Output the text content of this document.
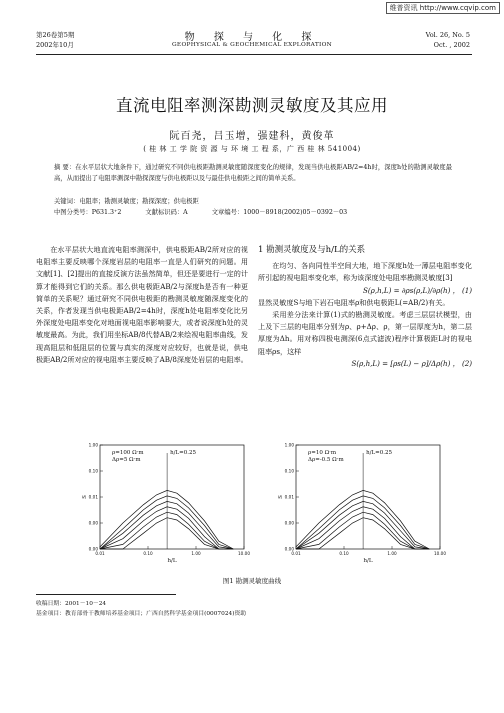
维普资讯 http://www.cqvip.com
第26卷第5期
2002年10月
物 探 与 化 探
GEOPHYSICAL & GEOCHEMICAL EXPLORATION
Vol. 26, No. 5
Oct. , 2002
直流电阻率测深勘测灵敏度及其应用
阮百尧，吕玉增，强建科，黄俊革
( 桂 林 工 学 院 资 源 与 环 境 工 程 系，广 西 桂 林 541004)
摘 要：在水平层状大地条件下，通过研究不同供电极距勘测灵敏度随深度变化的规律，发现当供电极距AB/2=4h时，深度h处的勘测灵敏度最高，从而提出了电阻率测深中勘探深度与供电极距以及与最佳供电极距之间的简单关系。
关键词：电阻率；勘测灵敏度；勘探深度；供电极距
中图分类号：P631.3⁺2	文献标识码：A	文章编号：1000－8918(2002)05－0392－03
在水平层状大地直流电阻率测深中，供电极距AB/2所对应的视电阻率主要反映哪个深度岩层的电阻率一直是人们研究的问题。用文献[1]、[2]提出的直接反演方法虽然简单，但还是要进行一定的计算才能得到它们的关系。那么供电极距AB/2与深度h是否有一种更简单的关系呢？通过研究不同供电极距的勘测灵敏度随深度变化的关系，作者发现当供电极距AB/2=4h时，深度h处电阻率变化比另外深度处电阻率变化对地面视电阻率影响要大，或者说深度h处的灵敏度最高。为此，我们用坐标AB/8代替AB/2来绘视电阻率曲线，发现高阻层和低阻层的位置与真实的深度对应较好，也就是说，供电极距AB/2所对应的视电阻率主要反映了AB/8深度处岩层的电阻率。
1 勘测灵敏度及与h/L的关系
在均匀、各向同性半空间大地，地下深度h处一薄层电阻率变化所引起的视电阻率变化率，称为该深度处电阻率勘测灵敏度[3]
S(ρ,h,L) = ∂ρs(ρ,L)/∂ρ(h) ， (1)
显然灵敏度S与地下岩石电阻率ρ和供电极距L(=AB/2)有关。
采用差分法来计算(1)式的勘测灵敏度。考虑三层层状模型，由上及下三层的电阻率分别为ρ、ρ+Δρ、ρ，第一层厚度为h，第二层厚度为Δh。用对称四极电测深(6点式滤波)程序计算极距L时的视电阻率ρs，这样
S(ρ,h,L) = [ρs(L) − ρ]/Δρ(h) ， (2)
1.00
0.10
0.01
0.00
0.00
0.01	0.10	1.00	10.00
ρ=100 Ω·m
Δρ=5 Ω·m
h/L=0.25
h/L
S
1.00
0.10
0.01
0.00
0.00
0.01	0.10	1.00	10.00
ρ=10 Ω·m
Δρ=-0.5 Ω·m
h/L=0.25
h/L
S
图1 勘测灵敏度曲线
收稿日期：2001－10－24
基金项目：教育部骨干教师培养基金项目；广西自然科学基金项目(0007024)资助
